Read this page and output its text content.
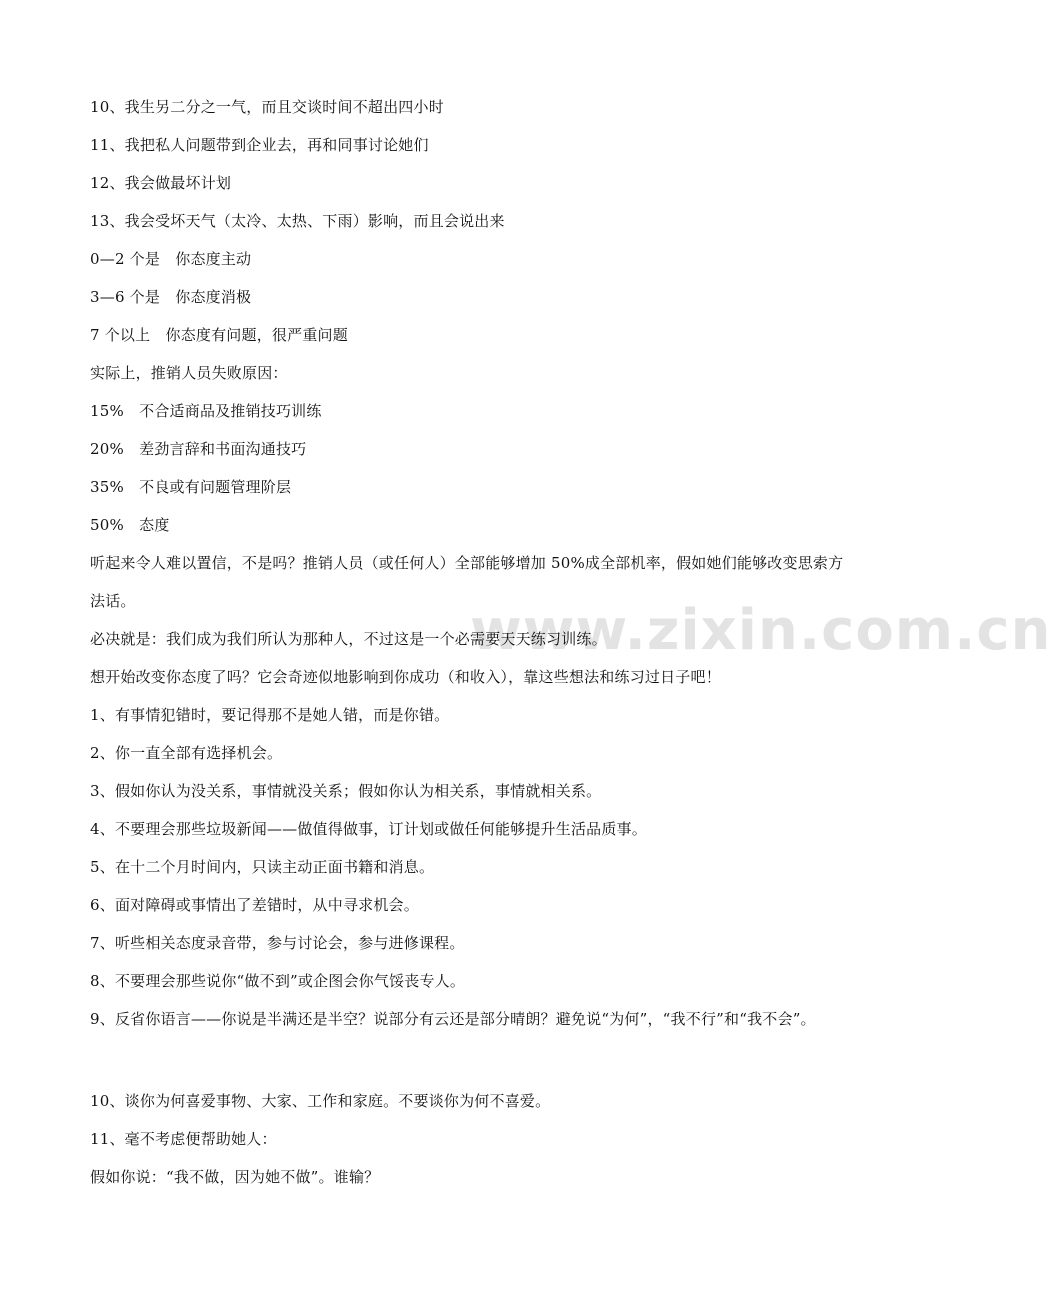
www.zixin.com.cn
10、我生另二分之一气，而且交谈时间不超出四小时
11、我把私人问题带到企业去，再和同事讨论她们
12、我会做最坏计划
13、我会受坏天气（太冷、太热、下雨）影响，而且会说出来
0—2 个是　你态度主动
3—6 个是　你态度消极
7 个以上　你态度有问题，很严重问题
实际上，推销人员失败原因：
15%　不合适商品及推销技巧训练
20%　差劲言辞和书面沟通技巧
35%　不良或有问题管理阶层
50%　态度
听起来令人难以置信，不是吗？推销人员（或任何人）全部能够增加 50%成全部机率，假如她们能够改变思索方法话。
必决就是：我们成为我们所认为那种人，不过这是一个必需要天天练习训练。
想开始改变你态度了吗？它会奇迹似地影响到你成功（和收入），靠这些想法和练习过日子吧！
1、有事情犯错时，要记得那不是她人错，而是你错。
2、你一直全部有选择机会。
3、假如你认为没关系，事情就没关系；假如你认为相关系，事情就相关系。
4、不要理会那些垃圾新闻——做值得做事，订计划或做任何能够提升生活品质事。
5、在十二个月时间内，只读主动正面书籍和消息。
6、面对障碍或事情出了差错时，从中寻求机会。
7、听些相关态度录音带，参与讨论会，参与进修课程。
8、不要理会那些说你“做不到”或企图会你气馁丧专人。
9、反省你语言——你说是半满还是半空？说部分有云还是部分晴朗？避免说“为何”，“我不行”和“我不会”。
10、谈你为何喜爱事物、大家、工作和家庭。不要谈你为何不喜爱。
11、毫不考虑便帮助她人：
假如你说：“我不做，因为她不做”。谁输？
